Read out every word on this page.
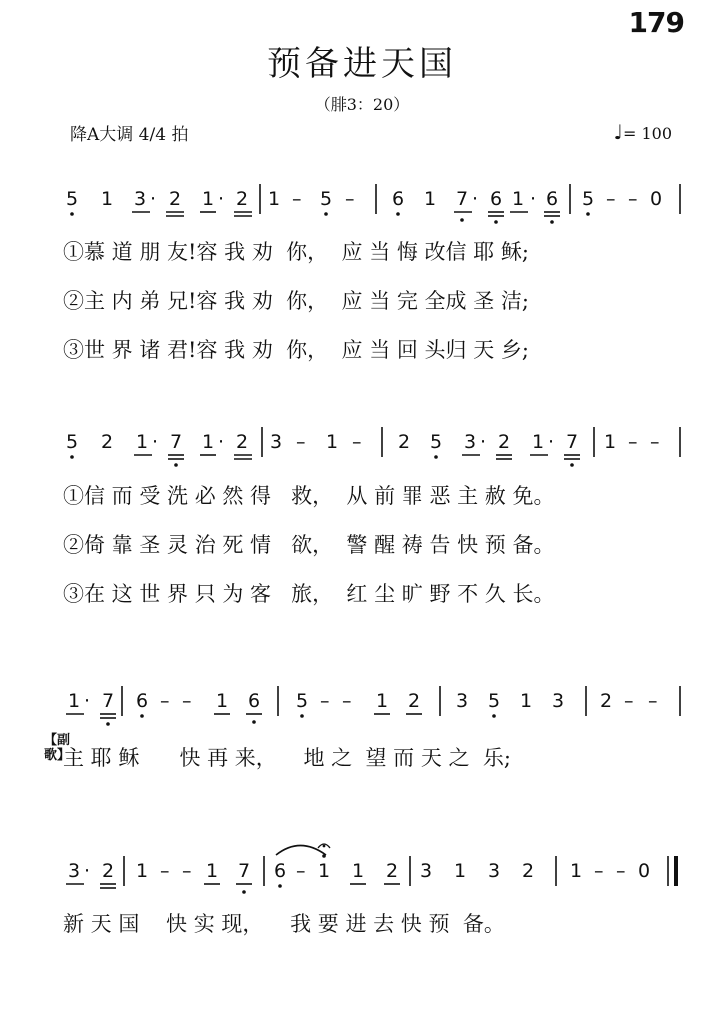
179
预备进天国
（腓3：20）
降A大调 4/4 拍	♩= 100
5 1 3 · 2 1 · 2 1 – 5 – 6 1 7 · 6 1 · 6 5 – – 0
5 2 1 · 7 1 · 2 3 – 1 – 2 5 3 · 2 1 · 7 1 – –
1 · 7 6 – – 1 6 5 – – 1 2 3 5 1 3 2 – –
3 · 2 1 – – 1 7 6 – 1 1 2 3 1 3 2 1 – – 0
①慕 道 朋 友!容 我 劝  你，  应 当 悔 改信 耶 稣;
②主 内 弟 兄!容 我 劝  你，  应 当 完 全成 圣 洁;
③世 界 诸 君!容 我 劝  你，  应 当 回 头归 天 乡;
①信 而 受 洗 必 然 得   救，  从 前 罪 恶 主 赦 免。
②倚 靠 圣 灵 治 死 情   欲，  警 醒 祷 告 快 预 备。
③在 这 世 界 只 为 客   旅，  红 尘 旷 野 不 久 长。
【副歌】
主 耶 稣      快 再 来，    地 之  望 而 天 之  乐;
新 天 国    快 实 现，    我 要 进 去 快 预  备。
